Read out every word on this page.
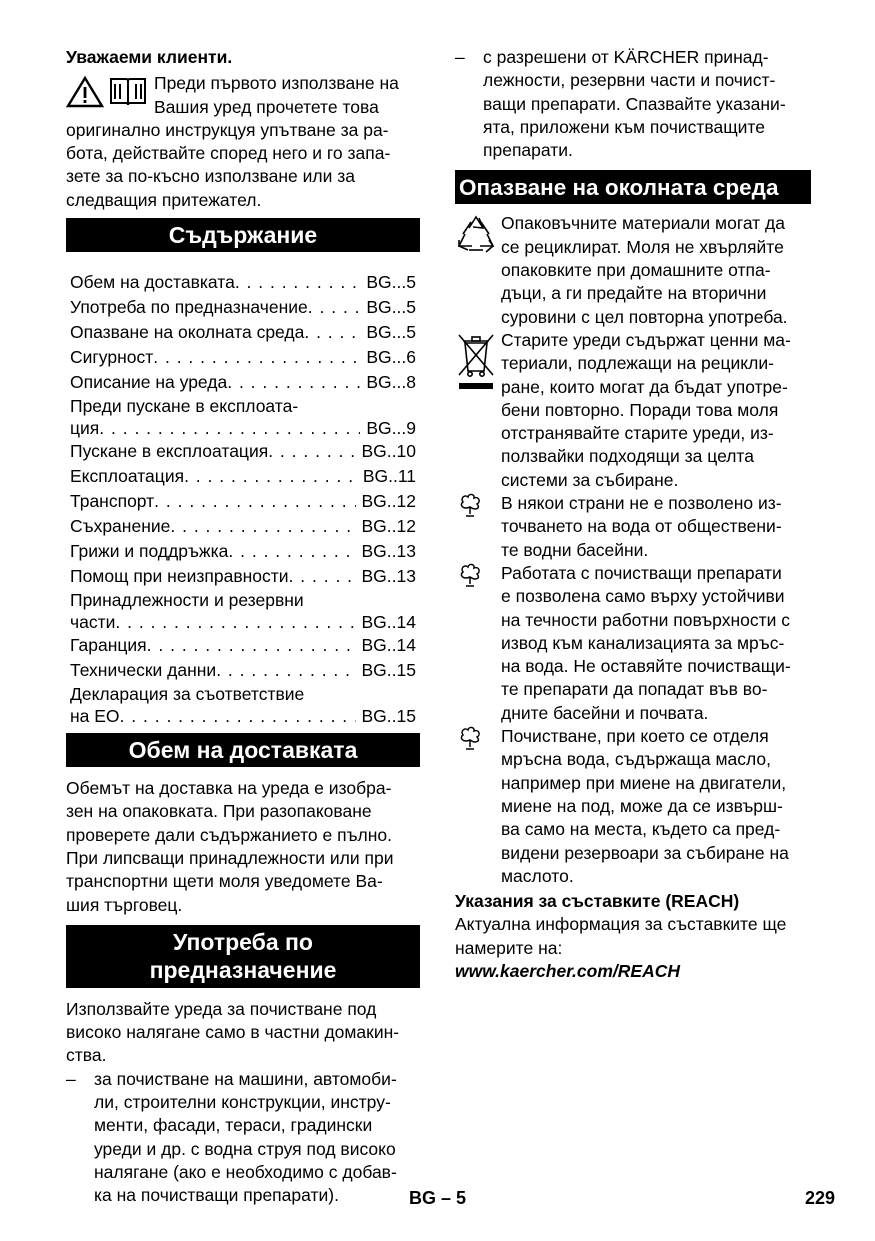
Уважаеми клиенти.

Преди първото използване на

Вашия уред прочетете това

оригинално инструкцуя упътване за ра-

бота, действайте според него и го запа-

зете за по-късно използване или за

следващия притежател.

Съдържание
Обем на доставката . . .	BG ...5
Употреба по предназначение . . .	BG ...5
Опазване на околната среда . . .	BG ...5
Сигурност . . .	BG ...6
Описание на уреда . . .	BG ...8
Преди пускане в експлоата-
ция . . .	BG ...9
Пускане в експлоатация . . .	BG ..10
Експлоатация . . .	BG ..11
Транспорт . . .	BG ..12
Съхранение . . .	BG ..12
Грижи и поддръжка . . .	BG ..13
Помощ при неизправности . . .	BG ..13
Принадлежности и резервни
части . . .	BG ..14
Гаранция . . .	BG ..14
Технически данни . . .	BG ..15
Декларация за съответствие
на ЕО . . .	BG ..15
Обем на доставката

Обемът на доставка на уреда е изобра-

зен на опаковката. При разопаковане

проверете дали съдържанието е пълно.

При липсващи принадлежности или при

транспортни щети моля уведомете Ва-

шия търговец.

Употреба по
предназначение

Използвайте уреда за почистване под

високо налягане само в частни домакин-

ства.

–	за почистване на машини, автомоби-

ли, строителни конструкции, инстру-

менти, фасади, тераси, градински

уреди и др. с водна струя под високо

налягане (ако е необходимо с добав-

ка на почистващи препарати).

–	с разрешени от KÄRCHER принад-

лежности, резервни части и почист-

ващи препарати. Спазвайте указани-

ята, приложени към почистващите

препарати.

Опазване на околната среда

Опаковъчните материали могат да

се рециклират. Моля не хвърляйте

опаковките при домашните отпа-

дъци, а ги предайте на вторични

суровини с цел повторна употреба.

Старите уреди съдържат ценни ма-

териали, подлежащи на рецикли-

ране, които могат да бъдат употре-

бени повторно. Поради това моля

отстранявайте старите уреди, из-

ползвайки подходящи за целта

системи за събиране.

В някои страни не е позволено из-

точването на вода от обществени-

те водни басейни.

Работата с почистващи препарати

е позволена само върху устойчиви

на течности работни повърхности с

извод към канализацията за мръс-

на вода. Не оставяйте почистващи-

те препарати да попадат във во-

дните басейни и почвата.

Почистване, при което се отделя

мръсна вода, съдържаща масло,

например при миене на двигатели,

миене на под, може да се извърш-

ва само на места, където са пред-

видени резервоари за събиране на

маслото.

Указания за съставките (REACH)

Актуална информация за съставките ще

намерите на:

www.kaercher.com/REACH

BG – 5	229
